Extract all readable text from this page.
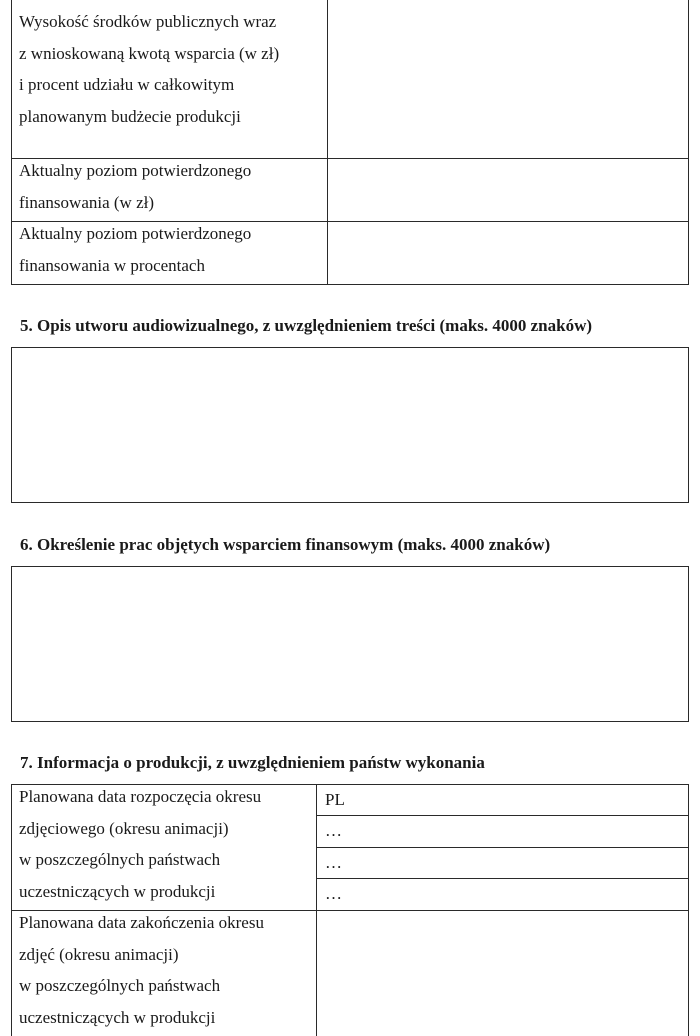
Wysokość środków publicznych wraz
z wnioskowaną kwotą wsparcia (w zł)
i procent udziału w całkowitym
planowanym budżecie produkcji
Aktualny poziom potwierdzonego
finansowania (w zł)
Aktualny poziom potwierdzonego
finansowania w procentach
5. Opis utworu audiowizualnego, z uwzględnieniem treści (maks. 4000 znaków)
6. Określenie prac objętych wsparciem finansowym (maks. 4000 znaków)
7. Informacja o produkcji, z uwzględnieniem państw wykonania
Planowana data rozpoczęcia okresu
zdjęciowego (okresu animacji)
w poszczególnych państwach
uczestniczących w produkcji
PL
…
…
…
Planowana data zakończenia okresu
zdjęć (okresu animacji)
w poszczególnych państwach
uczestniczących w produkcji
